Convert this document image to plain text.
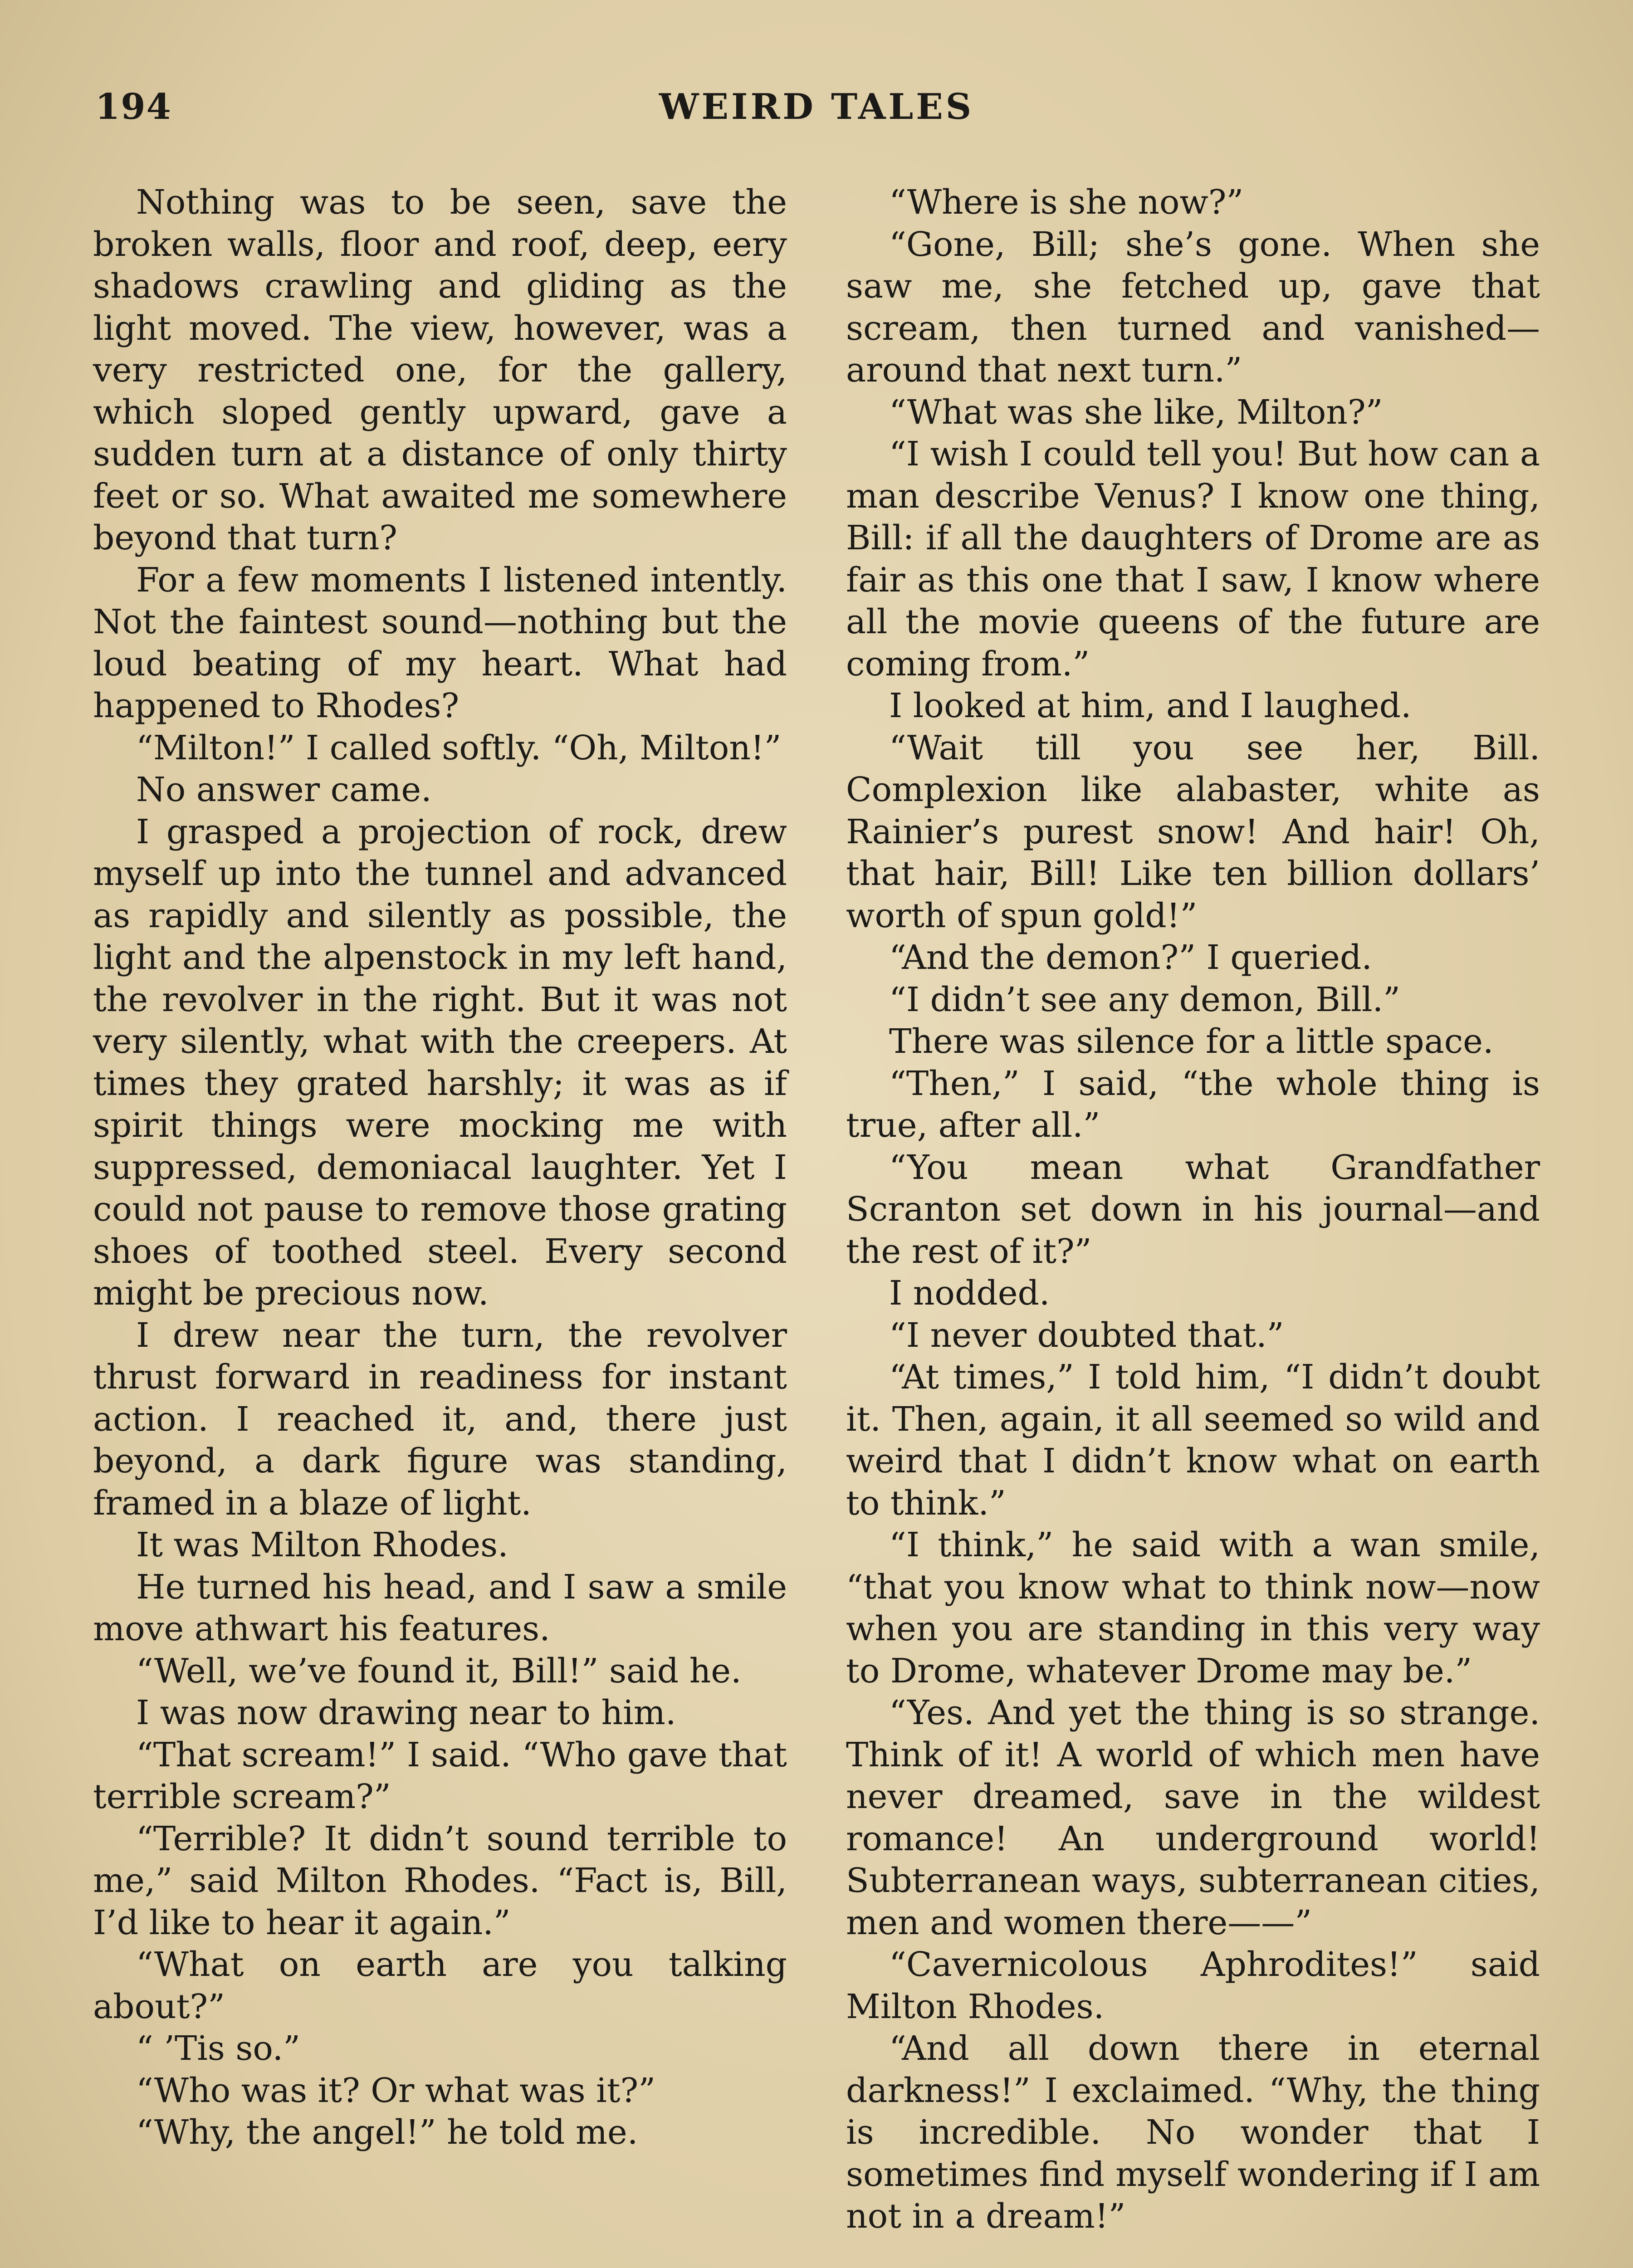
194	WEIRD TALES

Nothing was to be seen, save the broken walls, floor and roof, deep, eery shadows crawling and gliding as the light moved. The view, however, was a very restricted one, for the gallery, which sloped gently upward, gave a sudden turn at a distance of only thirty feet or so. What awaited me somewhere beyond that turn?

For a few moments I listened intently. Not the faintest sound—nothing but the loud beating of my heart. What had happened to Rhodes?

“Milton!” I called softly. “Oh, Milton!”

No answer came.

I grasped a projection of rock, drew myself up into the tunnel and advanced as rapidly and silently as possible, the light and the alpenstock in my left hand, the revolver in the right. But it was not very silently, what with the creepers. At times they grated harshly; it was as if spirit things were mocking me with suppressed, demoniacal laughter. Yet I could not pause to remove those grating shoes of toothed steel. Every second might be precious now.

I drew near the turn, the revolver thrust forward in readiness for instant action. I reached it, and, there just beyond, a dark figure was standing, framed in a blaze of light.

It was Milton Rhodes.

He turned his head, and I saw a smile move athwart his features.

“Well, we’ve found it, Bill!” said he.

I was now drawing near to him.

“That scream!” I said. “Who gave that terrible scream?”

“Terrible? It didn’t sound terrible to me,” said Milton Rhodes. “Fact is, Bill, I’d like to hear it again.”

“What on earth are you talking about?”

“ ’Tis so.”

“Who was it? Or what was it?”

“Why, the angel!” he told me.

“Where is she now?”

“Gone, Bill; she’s gone. When she saw me, she fetched up, gave that scream, then turned and vanished—around that next turn.”

“What was she like, Milton?”

“I wish I could tell you! But how can a man describe Venus? I know one thing, Bill: if all the daughters of Drome are as fair as this one that I saw, I know where all the movie queens of the future are coming from.”

I looked at him, and I laughed.

“Wait till you see her, Bill. Complexion like alabaster, white as Rainier’s purest snow! And hair! Oh, that hair, Bill! Like ten billion dollars’ worth of spun gold!”

“And the demon?” I queried.

“I didn’t see any demon, Bill.”

There was silence for a little space.

“Then,” I said, “the whole thing is true, after all.”

“You mean what Grandfather Scranton set down in his journal—and the rest of it?”

I nodded.

“I never doubted that.”

“At times,” I told him, “I didn’t doubt it. Then, again, it all seemed so wild and weird that I didn’t know what on earth to think.”

“I think,” he said with a wan smile, “that you know what to think now—now when you are standing in this very way to Drome, whatever Drome may be.”

“Yes. And yet the thing is so strange. Think of it! A world of which men have never dreamed, save in the wildest romance! An underground world! Subterranean ways, subterranean cities, men and women there——”

“Cavernicolous Aphrodites!” said Milton Rhodes.

“And all down there in eternal darkness!” I exclaimed. “Why, the thing is incredible. No wonder that I sometimes find myself wondering if I am not in a dream!”
